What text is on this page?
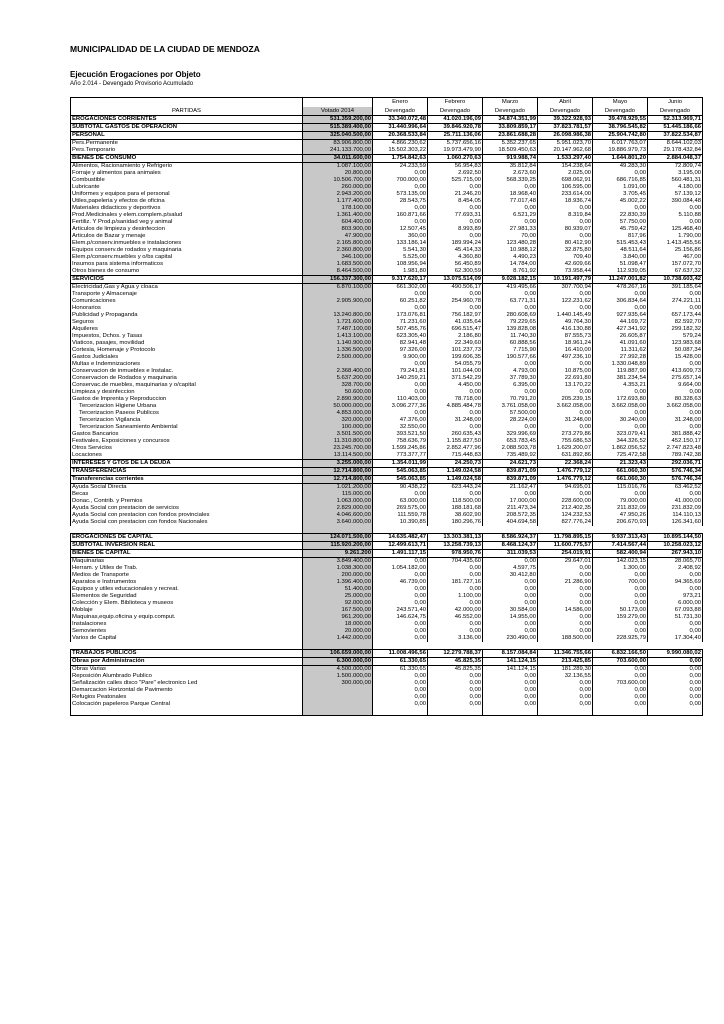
MUNICIPALIDAD DE LA CIUDAD DE MENDOZA
Ejecución Erogaciones por Objeto
Año 2.014 - Devengado Provisorio Acumulado
		Enero	Febrero	Marzo	Abril	Mayo	Junio
PARTIDAS	Votado 2014	Devengado	Devengado	Devengado	Devengado	Devengado	Devengado
EROGACIONES CORRIENTES	531.359.200,00	33.340.072,48	41.020.196,09	34.874.351,99	39.322.928,93	39.478.929,55	52.313.969,71
SUBTOTAL GASTOS DE OPERACION	515.389.400,00	31.440.996,64	39.846.920,78	33.809.859,17	37.823.781,57	38.796.545,82	51.445.186,66
PERSONAL	325.040.500,00	20.368.533,84	25.711.136,06	23.861.688,28	26.098.986,38	25.904.742,80	37.822.534,87
Pers.Permanente	83.906.800,00	4.866.230,62	5.737.656,16	5.352.237,65	5.951.023,70	6.017.763,07	8.644.102,03
Pers.Temporario	241.133.700,00	15.502.303,22	19.973.479,90	18.509.450,63	20.147.962,68	19.886.979,73	29.178.432,84
BIENES DE CONSUMO	34.011.600,00	1.754.842,63	1.060.270,63	919.988,74	1.533.297,40	1.644.801,20	2.884.048,37
Alimentos, Racionamiento y Refrigerio	1.087.100,00	24.233,59	56.954,83	35.812,84	154.238,64	49.283,30	72.809,74
Forraje y alimentos para animales	20.800,00	0,00	2.692,50	2.673,60	2.025,00	0,00	3.195,00
Combustible	10.506.700,00	700.000,00	525.715,00	568.339,25	698.062,91	686.716,85	560.481,31
Lubricante	260.000,00	0,00	0,00	0,00	106.595,00	1.091,00	4.180,00
Uniformes y equipos para el personal	2.943.200,00	573.135,00	21.246,20	18.968,40	233.614,00	3.705,45	57.139,12
Utiles,papeleria y efectos de oficina	1.177.400,00	28.543,75	8.454,05	77.017,48	18.936,74	45.002,22	390.084,48
Materiales didacticos y deportivos	178.100,00	0,00	0,00	0,00	0,00	0,00	0,00
Prod.Medicinales y elem.complem.p/salud	1.361.400,00	160.871,66	77.693,31	6.521,29	8.319,84	22.830,39	5.110,88
Fertiliz. Y Prod.p/sanidad veg y animal	604.400,00	0,00	0,00	0,00	0,00	57.750,00	0,00
Articulos de limpieza y desinfeccion	803.900,00	12.507,45	8.993,89	27.981,33	80.939,07	45.759,42	125.468,40
Articulos de Bazar y menaje	47.900,00	360,00	0,00	70,00	0,00	817,96	1.790,00
Elem.p/conserv.inmuebles e instalaciones	2.165.800,00	133.186,14	189.994,24	123.480,28	80.412,90	515.453,43	1.413.455,56
Equipos conserv.de rodados y maquinaria	2.360.800,00	5.541,30	45.414,33	10.988,12	32.875,80	48.511,64	25.156,86
Elem.p/conserv.muebles y o/bs capital	346.100,00	5.525,00	4.360,80	4.490,23	709,40	3.840,00	467,00
Insumos para sistema informaticos	1.683.500,00	108.956,94	56.450,89	14.784,00	42.609,66	51.098,47	157.072,70
Otros bienes de consumo	8.464.500,00	1.981,80	62.300,59	8.761,92	73.958,44	112.939,05	67.637,32
SERVICIOS	156.337.300,00	9.317.620,17	13.075.514,09	9.028.182,15	10.191.497,79	11.247.001,82	10.738.603,42
Electricidad,Gas y Agua y cloaca	6.870.100,00	661.302,00	490.506,17	419.495,66	307.700,94	478.267,16	391.185,64
Transporte y Almacenaje		0,00	0,00	0,00	0,00	0,00	0,00
Comunicaciones	2.905.900,00	60.251,82	254.960,78	63.771,31	122.231,62	306.834,64	274.221,11
Honorarios		0,00	0,00	0,00	0,00	0,00	0,00
Publicidad y Propaganda	13.240.800,00	173.076,81	756.182,97	280.608,69	1.440.145,49	927.935,64	657.173,44
Seguros	1.721.600,00	71.231,60	41.035,64	79.229,65	49.764,30	44.169,72	82.592,70
Alquileres	7.487.100,00	507.455,76	696.515,47	139.828,08	416.130,88	427.341,92	299.182,32
Impuestos, Dchos. y Tasas	1.413.100,00	623.305,40	2.186,80	11.740,30	87.555,73	26.605,87	579,24
Viaticos, pasajes, movilidad	1.140.900,00	82.941,48	22.349,60	60.888,56	18.961,24	41.091,60	123.983,68
Cortesia, Homenaje y Protocolo	1.336.500,00	97.326,00	101.237,73	7.715,90	16.410,00	11.311,62	50.087,34
Gastos Judiciales	2.500.000,00	9.900,00	199.606,35	190.577,66	497.236,10	27.992,28	15.428,00
Multas e Indemnizaciones		0,00	54.055,79	0,00	0,00	1.330.048,89	0,00
Conservacion de inmuebles e Instalac.	2.368.400,00	79.241,81	101.044,00	4.793,00	10.875,00	119.887,90	413.609,73
Conservacion de Rodados y maquinaria	5.637.200,00	140.259,21	371.542,29	37.789,30	22.691,80	381.234,54	275.657,14
Conservac.de muebles, maquinarias y o/capital	328.700,00	0,00	4.450,00	6.395,00	13.170,22	4.353,21	9.664,00
Limpieza y desinfeccion	50.600,00	0,00	0,00	0,00	0,00	0,00	0,00
Gastos de Imprenta y Reproduccion	2.890.900,00	110.403,00	78.718,00	70.791,20	205.239,15	172.693,80	80.328,63
Tercerizacion Higiene Urbana	50.000.000,00	3.096.277,36	4.885.484,78	3.761.058,00	3.662.058,00	3.662.058,00	3.662.058,00
Tercerizacion Paseos Publicos	4.853.000,00	0,00	0,00	57.500,00	0,00	0,00	0,00
Tercerizacion Vigilancia	320.000,00	47.376,00	31.248,00	28.224,00	31.248,00	30.240,00	31.248,00
Tercerizacion Saneamiento Ambiental	100.000,00	32.550,00	0,00	0,00	0,00	0,00	0,00
Gastos Bancarios	3.501.500,00	393.521,50	260.635,43	329.996,69	273.279,86	323.079,41	381.888,42
Festivales, Exposiciones y concursos	11.310.800,00	758.636,79	1.155.827,50	653.783,45	755.686,53	344.326,52	452.150,17
Otros Servicios	23.245.700,00	1.599.245,86	2.852.477,96	2.088.503,78	1.629.200,07	1.862.056,52	2.747.823,48
Locaciones	13.114.500,00	773.377,77	715.448,83	735.489,92	631.892,86	725.472,58	789.742,38
INTERESES Y GTOS DE LA DEUDA	3.255.000,00	1.354.011,99	24.250,73	24.621,73	22.368,24	21.323,43	292.036,71
TRANSFERENCIAS	12.714.800,00	545.063,85	1.149.024,58	839.871,09	1.476.779,12	661.060,30	576.746,34
Transferencias corrientes	12.714.800,00	545.063,85	1.149.024,58	839.871,09	1.476.779,12	661.060,30	576.746,34
Ayuda Social Directa	1.021.200,00	90.438,22	623.443,24	21.162,47	94.695,01	115.016,76	63.462,52
Becas	115.000,00	0,00	0,00	0,00	0,00	0,00	0,00
Donac., Contrib. y Premios	1.063.000,00	63.000,00	118.500,00	17.000,00	228.600,00	79.000,00	41.000,00
Ayuda Social con prestacion de servicios	2.829.000,00	269.575,00	188.181,68	211.473,34	212.402,35	211.832,09	231.832,09
Ayuda Social con prestacion con fondos provinciales	4.046.600,00	111.559,78	38.602,90	208.572,35	124.232,53	47.950,26	114.110,13
Ayuda Social con prestacion con fondos Nacionales	3.640.000,00	10.390,85	180.296,76	404.694,58	827.776,24	206.670,93	126.341,60

EROGACIONES DE CAPITAL	124.071.500,00	14.635.482,47	13.303.381,13	8.586.924,37	11.798.895,15	9.937.313,43	10.895.144,50
SUBTOTAL INVERSION REAL	115.920.200,00	12.499.613,71	13.258.739,13	8.468.124,37	11.600.775,57	7.414.567,44	10.258.023,12
BIENES DE CAPITAL	9.261.200	1.491.117,15	978.950,76	311.039,53	254.019,91	582.400,94	267.943,10
Maquinarias	3.849.400,00	0,00	704.435,60	0,00	29.647,01	142.023,15	28.065,70
Herram. y Utiles de Trab.	1.038.300,00	1.054.182,00	0,00	4.597,75	0,00	1.300,00	2.408,92
Medios de Transporte	200.000,00	0,00	0,00	30.412,80	0,00	0,00	0,00
Aparatos e Instrumentos	1.396.400,00	46.739,00	181.727,16	0,00	21.286,90	700,00	94.365,69
Equipos y utiles educacionales y recreat.	51.400,00	0,00	0,00	0,00	0,00	0,00	0,00
Elementos de Seguridad	25.000,00	0,00	1.100,00	0,00	0,00	0,00	973,21
Colección y Elem. Biblioteca y museos	92.000,00	0,00	0,00	0,00	0,00	0,00	6.000,00
Moblaje	167.500,00	243.571,40	42.000,00	30.584,00	14.586,00	50.173,00	67.093,88
Maquinas,equip.oficina y equip.comput.	961.200,00	146.624,75	46.552,00	14.955,00	0,00	159.279,00	51.731,30
Instalaciones	18.000,00	0,00	0,00	0,00	0,00	0,00	0,00
Semovientes	20.000,00	0,00	0,00	0,00	0,00	0,00	0,00
Varios de Capital	1.442.000,00	0,00	3.136,00	230.490,00	188.500,00	228.925,79	17.304,40

TRABAJOS PUBLICOS	106.659.000,00	11.008.496,56	12.279.788,37	8.157.084,84	11.346.755,66	6.832.166,50	9.990.080,02
Obras por Administración	6.300.000,00	61.330,65	45.825,35	141.124,15	213.425,85	703.600,00	0,00
Obras Varias	4.500.000,00	61.330,65	45.825,35	141.124,15	181.289,30	0,00	0,00
Reposición Alumbrado Publico	1.500.000,00	0,00	0,00	0,00	32.136,55	0,00	0,00
Señalización calles disco "Pare" electronico Led	300.000,00	0,00	0,00	0,00	0,00	703.600,00	0,00
Demarcacion Horizontal de Pavimento		0,00	0,00	0,00	0,00	0,00	0,00
Refugios Peatonales		0,00	0,00	0,00	0,00	0,00	0,00
Colocación papeleros Parque Central		0,00	0,00	0,00	0,00	0,00	0,00
